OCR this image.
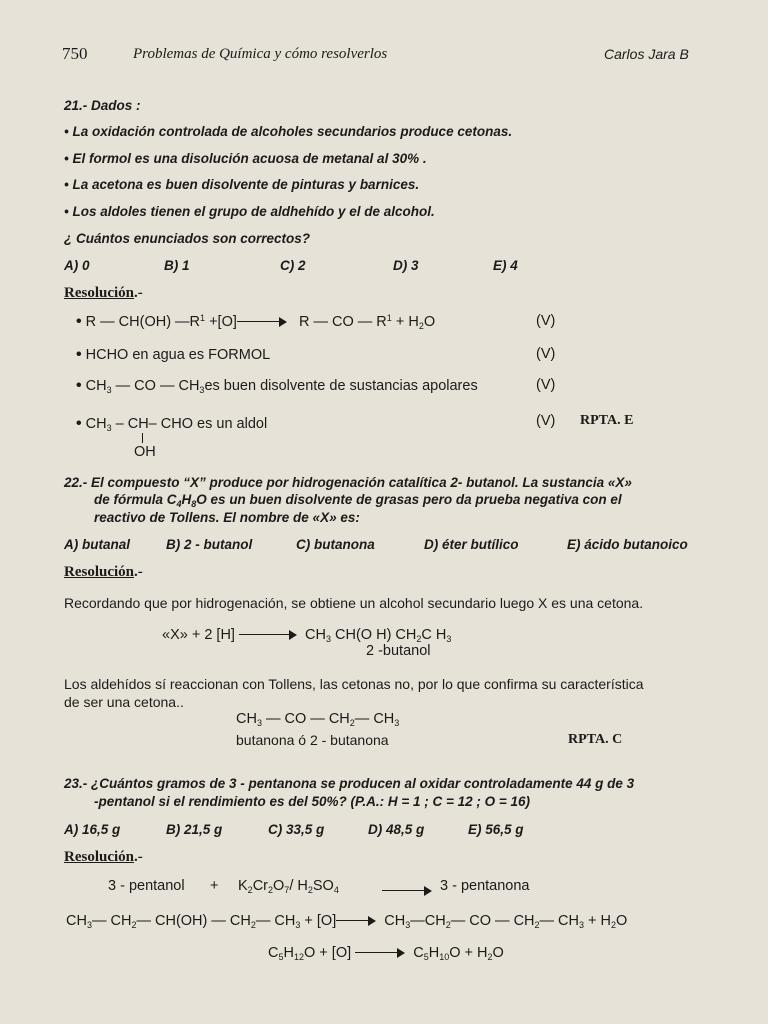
750	Problemas de Química y cómo resolverlos	Carlos Jara B
21.- Dados :
• La oxidación controlada de alcoholes secundarios produce cetonas.
• El formol es una disolución acuosa de metanal al 30% .
• La acetona es buen disolvente de pinturas y barnices.
• Los aldoles tienen el grupo de aldhehído y el de alcohol.
¿ Cuántos enunciados son correctos?
A) 0	B) 1	C) 2	D) 3	E) 4
Resolución.-
• R — CH(OH) $—R^1 +[O]$	R — CO — $R^1 + H_2O$	(V)
• HCHO en agua es FORMOL	(V)
• $CH_3$ — CO — $CH_3es$ buen disolvente de sustancias apolares	(V)
• $CH_3 - CH-$ CHO es un aldol
OH
(V) RPTA. E
22.- El compuesto “X” produce por hidrogenación catalítica 2- butanol. La sustancia «X»
de fórmula $C_4H_8O$ es un buen disolvente de grasas pero da prueba negativa con el
reactivo de Tollens. El nombre de «X» es:
A) butanal	B) 2 - butanol	C) butanona	D) éter butílico	E) ácido butanoico
Resolución.-
Recordando que por hidrogenación, se obtiene un alcohol secundario luego X es una cetona.
«X» + 2 [H]	$CH_3$ CH(O H) $CH_2C$ $H_3$
2 -butanol
Los aldehídos sí reaccionan con Tollens, las cetonas no, por lo que confirma su característica
de ser una cetona..
$CH_3$ — CO — $CH_2—$ $CH_3$
butanona ó 2 - butanona	RPTA. C
23.- ¿Cuántos gramos de 3 - pentanona se producen al oxidar controladamente 44 g de 3
-pentanol si el rendimiento es del 50%? (P.A.: H = 1 ; C = 12 ; O = 16)
A) 16,5 g	B) 21,5 g	C) 33,5 g	D) 48,5 g	E) 56,5 g
Resolución.-
3 - pentanol + $K_2Cr_2O_7/$ $H_2SO_4$	3 - pentanona
$CH_3—$ $CH_2—$ CH(OH) — $CH_2—$ $CH_3 + [O]$	$CH_3—CH_2—$ CO — $CH_2—$ $CH_3 + H_2O$
$C_5H_{12}O + [O]$	$C_5H_{10}O + H_2O$
